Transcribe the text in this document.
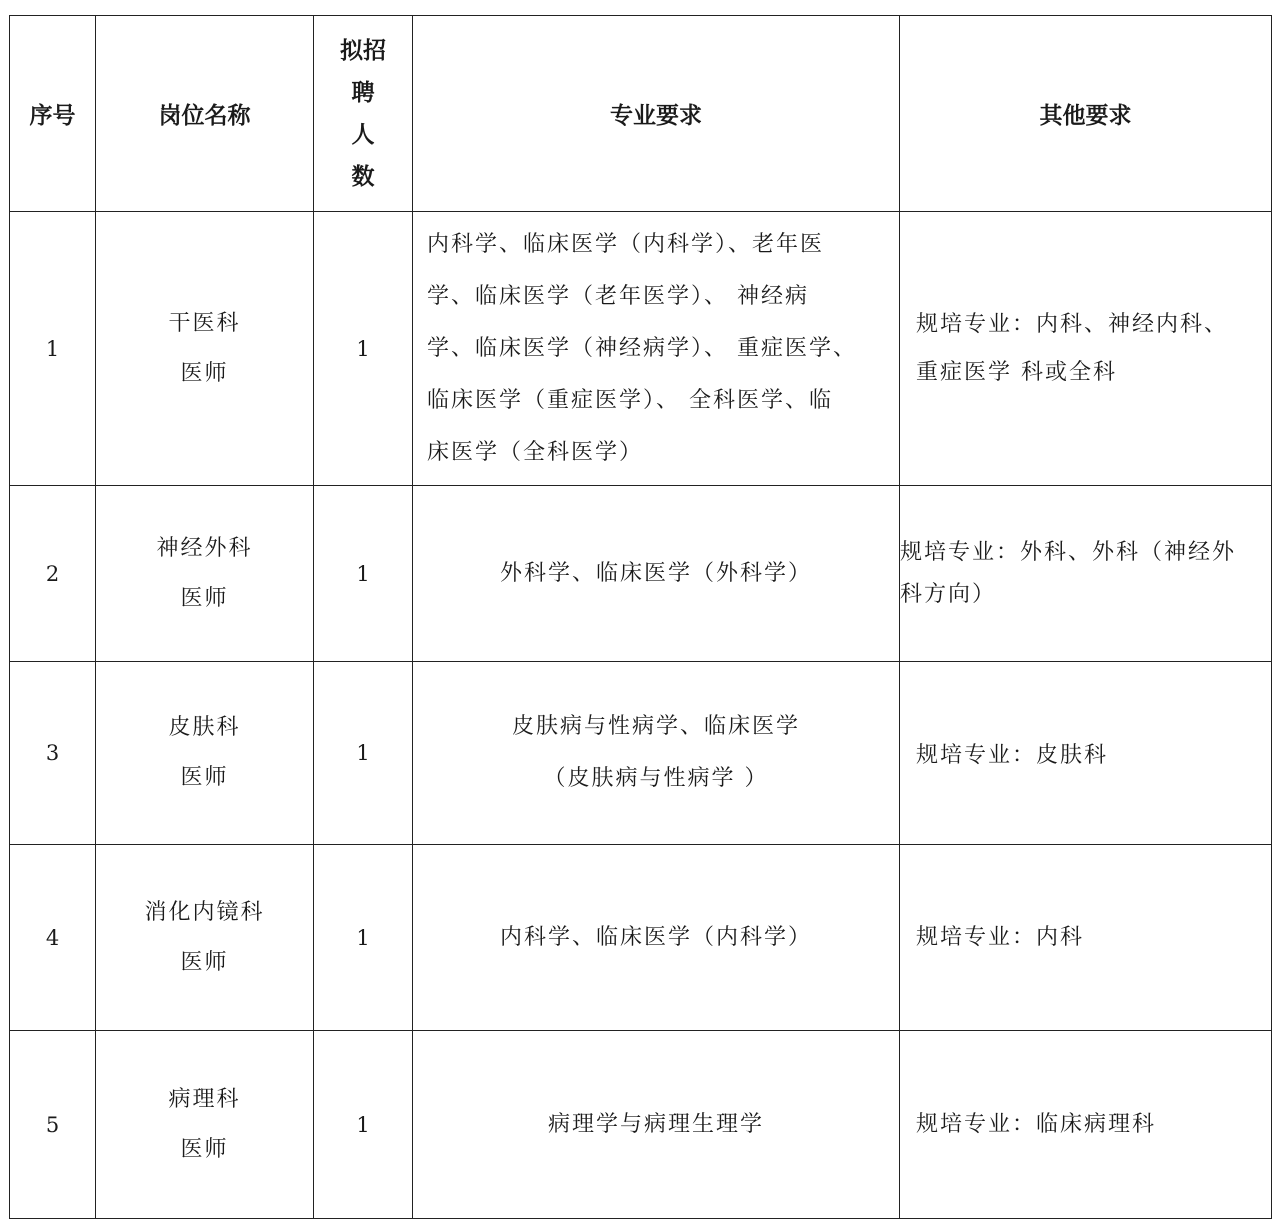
序号	岗位名称	拟招
聘
人
数	专业要求	其他要求
1	干医科
医师	1	内科学、临床医学（内科学）、老年医
学、临床医学（老年医学）、 神经病
学、临床医学（神经病学）、 重症医学、
临床医学（重症医学）、 全科医学、临
床医学（全科医学）	规培专业：内科、神经内科、
重症医学 科或全科

2	神经外科
医师	1	外科学、临床医学（外科学）	规培专业：外科、外科（神经外
科方向）

3	皮肤科
医师	1	皮肤病与性病学、临床医学
（皮肤病与性病学 ）	规培专业：皮肤科

4	消化内镜科
医师	1	内科学、临床医学（内科学）	规培专业：内科

5	病理科
医师	1	病理学与病理生理学	规培专业：临床病理科
